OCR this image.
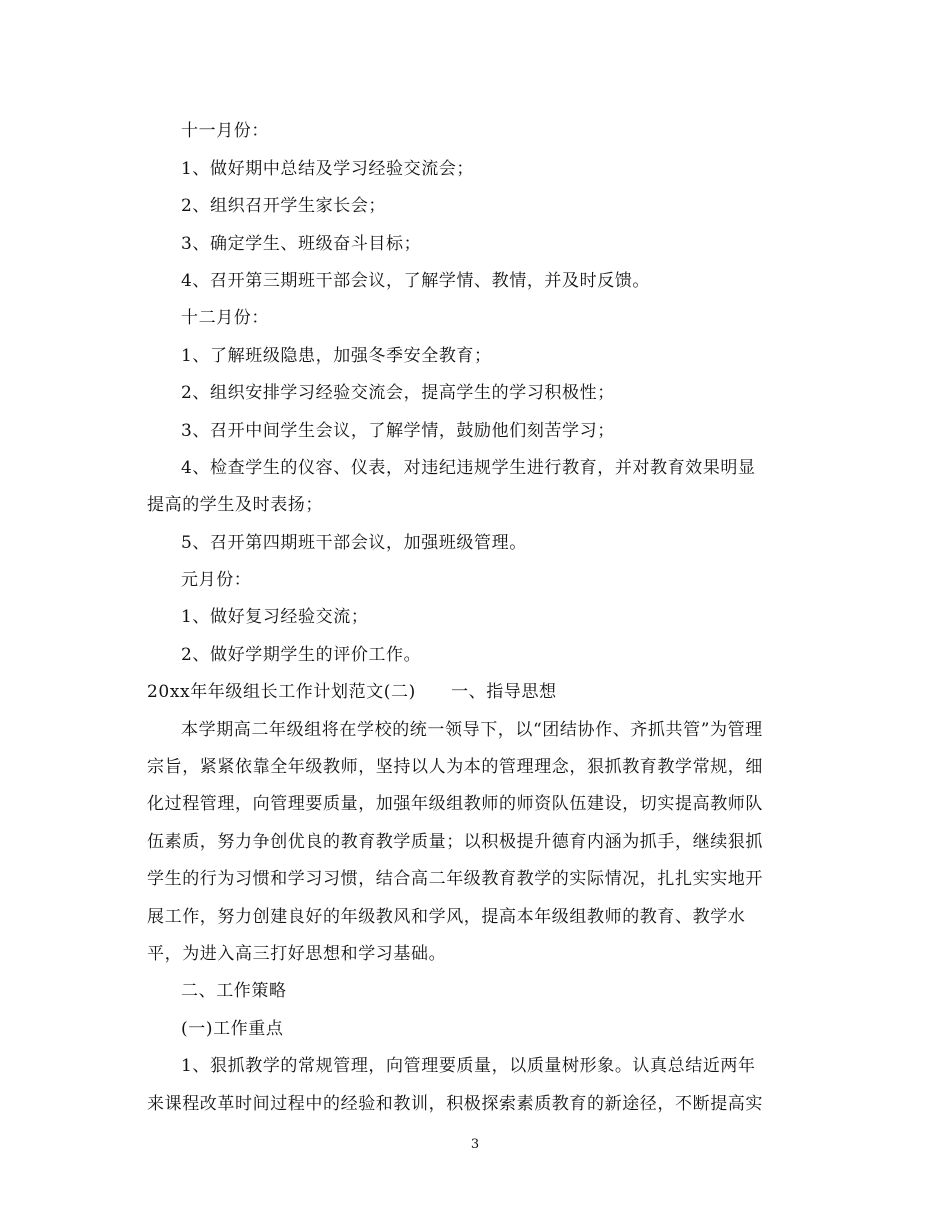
十一月份：
1、做好期中总结及学习经验交流会；
2、组织召开学生家长会；
3、确定学生、班级奋斗目标；
4、召开第三期班干部会议，了解学情、教情，并及时反馈。
十二月份：
1、了解班级隐患，加强冬季安全教育；
2、组织安排学习经验交流会，提高学生的学习积极性；
3、召开中间学生会议，了解学情，鼓励他们刻苦学习；
4、检查学生的仪容、仪表，对违纪违规学生进行教育，并对教育效果明显
提高的学生及时表扬；
5、召开第四期班干部会议，加强班级管理。
元月份：
1、做好复习经验交流；
2、做好学期学生的评价工作。
20xx年年级组长工作计划范文(二)　　一、指导思想
本学期高二年级组将在学校的统一领导下，以“团结协作、齐抓共管”为管理
宗旨，紧紧依靠全年级教师，坚持以人为本的管理理念，狠抓教育教学常规，细
化过程管理，向管理要质量，加强年级组教师的师资队伍建设，切实提高教师队
伍素质，努力争创优良的教育教学质量；以积极提升德育内涵为抓手，继续狠抓
学生的行为习惯和学习习惯，结合高二年级教育教学的实际情况，扎扎实实地开
展工作，努力创建良好的年级教风和学风，提高本年级组教师的教育、教学水
平，为进入高三打好思想和学习基础。
二、工作策略
(一)工作重点
1、狠抓教学的常规管理，向管理要质量，以质量树形象。认真总结近两年
来课程改革时间过程中的经验和教训，积极探索素质教育的新途径，不断提高实
3
